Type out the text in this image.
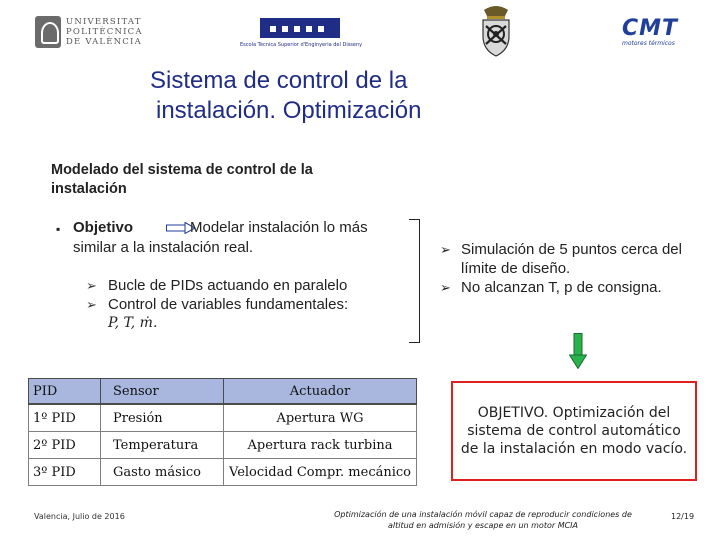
UNIVERSITAT
POLITÈCNICA
DE VALÈNCIA	Escola Tècnica Superior d'Enginyeria del Disseny
CMT
motores térmicos
Sistema de control de la
instalación. Optimización
Modelado del sistema de control de la
instalación
▪ Objetivo	Modelar instalación lo más
similar a la instalación real.
➢ Bucle de PIDs actuando en paralelo
➢ Control de variables fundamentales:
P, T, ṁ.
➢ Simulación de 5 puntos cerca del límite de diseño.
➢ No alcanzan T, p de consigna.
PID	Sensor	Actuador
1º PID	Presión	Apertura WG
2º PID	Temperatura	Apertura rack turbina
3º PID	Gasto másico	Velocidad Compr. mecánico
OBJETIVO. Optimización del sistema de control automático de la instalación en modo vacío.
Valencia, Julio de 2016	Optimización de una instalación móvil capaz de reproducir condiciones de
altitud en admisión y escape en un motor MCIA
12/19
